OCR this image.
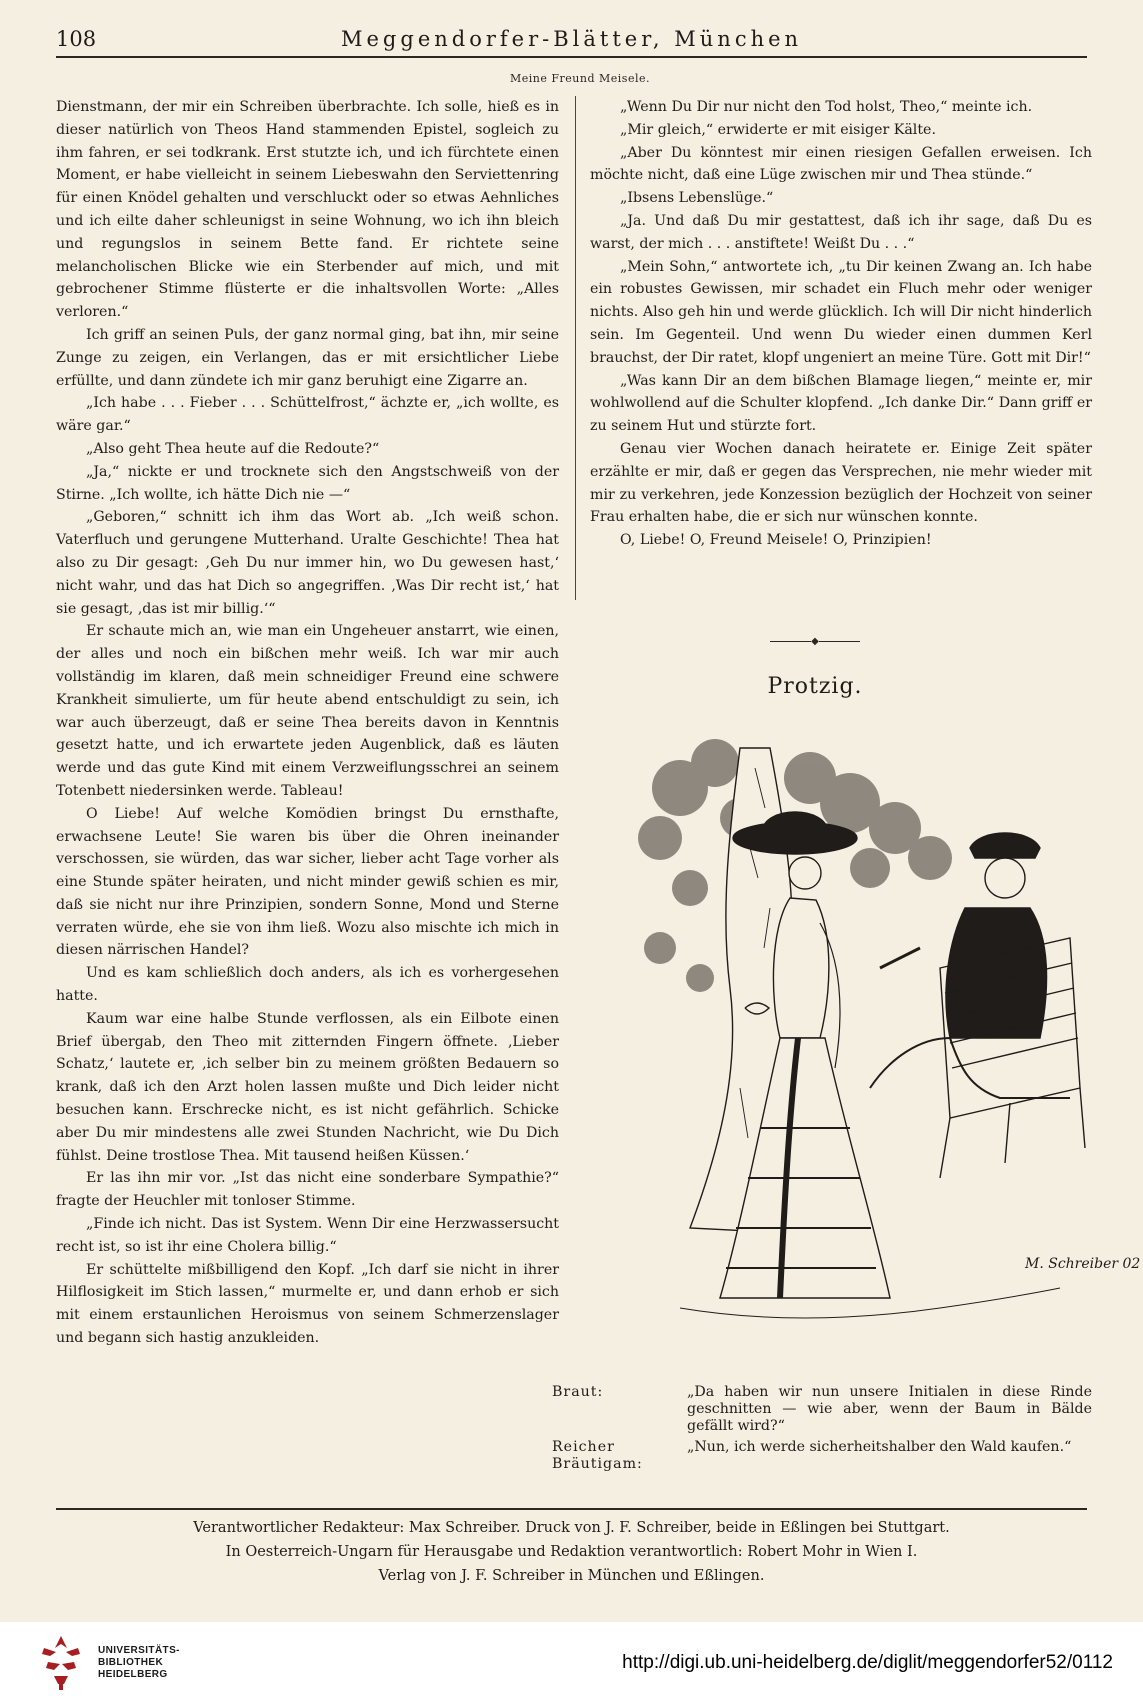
108	Meggendorfer-Blätter, München
Meine Freund Meisele.

Dienstmann, der mir ein Schreiben überbrachte. Ich solle, hieß es in dieser natürlich von Theos Hand stammenden Epistel, sogleich zu ihm fahren, er sei todkrank. Erst stutzte ich, und ich fürchtete einen Moment, er habe vielleicht in seinem Liebeswahn den Serviettenring für einen Knödel gehalten und verschluckt oder so etwas Aehnliches und ich eilte daher schleunigst in seine Wohnung, wo ich ihn bleich und regungslos in seinem Bette fand. Er richtete seine melancholischen Blicke wie ein Sterbender auf mich, und mit gebrochener Stimme flüsterte er die inhaltsvollen Worte: „Alles verloren.“

Ich griff an seinen Puls, der ganz normal ging, bat ihn, mir seine Zunge zu zeigen, ein Verlangen, das er mit ersichtlicher Liebe erfüllte, und dann zündete ich mir ganz beruhigt eine Zigarre an.

„Ich habe . . . Fieber . . . Schüttelfrost,“ ächzte er, „ich wollte, es wäre gar.“

„Also geht Thea heute auf die Redoute?“

„Ja,“ nickte er und trocknete sich den Angstschweiß von der Stirne. „Ich wollte, ich hätte Dich nie —“

„Geboren,“ schnitt ich ihm das Wort ab. „Ich weiß schon. Vaterfluch und gerungene Mutterhand. Uralte Geschichte! Thea hat also zu Dir gesagt: ‚Geh Du nur immer hin, wo Du gewesen hast,‘ nicht wahr, und das hat Dich so angegriffen. ‚Was Dir recht ist,‘ hat sie gesagt, ‚das ist mir billig.‘“

Er schaute mich an, wie man ein Ungeheuer anstarrt, wie einen, der alles und noch ein bißchen mehr weiß. Ich war mir auch vollständig im klaren, daß mein schneidiger Freund eine schwere Krankheit simulierte, um für heute abend entschuldigt zu sein, ich war auch überzeugt, daß er seine Thea bereits davon in Kenntnis gesetzt hatte, und ich erwartete jeden Augenblick, daß es läuten werde und das gute Kind mit einem Verzweiflungsschrei an seinem Totenbett niedersinken werde. Tableau!

O Liebe! Auf welche Komödien bringst Du ernsthafte, erwachsene Leute! Sie waren bis über die Ohren ineinander verschossen, sie würden, das war sicher, lieber acht Tage vorher als eine Stunde später heiraten, und nicht minder gewiß schien es mir, daß sie nicht nur ihre Prinzipien, sondern Sonne, Mond und Sterne verraten würde, ehe sie von ihm ließ. Wozu also mischte ich mich in diesen närrischen Handel?

Und es kam schließlich doch anders, als ich es vorhergesehen hatte.

Kaum war eine halbe Stunde verflossen, als ein Eilbote einen Brief übergab, den Theo mit zitternden Fingern öffnete. ‚Lieber Schatz,‘ lautete er, ‚ich selber bin zu meinem größten Bedauern so krank, daß ich den Arzt holen lassen mußte und Dich leider nicht besuchen kann. Erschrecke nicht, es ist nicht gefährlich. Schicke aber Du mir mindestens alle zwei Stunden Nachricht, wie Du Dich fühlst. Deine trostlose Thea. Mit tausend heißen Küssen.‘

Er las ihn mir vor. „Ist das nicht eine sonderbare Sympathie?“ fragte der Heuchler mit tonloser Stimme.

„Finde ich nicht. Das ist System. Wenn Dir eine Herzwassersucht recht ist, so ist ihr eine Cholera billig.“

Er schüttelte mißbilligend den Kopf. „Ich darf sie nicht in ihrer Hilflosigkeit im Stich lassen,“ murmelte er, und dann erhob er sich mit einem erstaunlichen Heroismus von seinem Schmerzenslager und begann sich hastig anzukleiden.

„Wenn Du Dir nur nicht den Tod holst, Theo,“ meinte ich.

„Mir gleich,“ erwiderte er mit eisiger Kälte.

„Aber Du könntest mir einen riesigen Gefallen erweisen. Ich möchte nicht, daß eine Lüge zwischen mir und Thea stünde.“

„Ibsens Lebenslüge.“

„Ja. Und daß Du mir gestattest, daß ich ihr sage, daß Du es warst, der mich . . . anstiftete! Weißt Du . . .“

„Mein Sohn,“ antwortete ich, „tu Dir keinen Zwang an. Ich habe ein robustes Gewissen, mir schadet ein Fluch mehr oder weniger nichts. Also geh hin und werde glücklich. Ich will Dir nicht hinderlich sein. Im Gegenteil. Und wenn Du wieder einen dummen Kerl brauchst, der Dir ratet, klopf ungeniert an meine Türe. Gott mit Dir!“

„Was kann Dir an dem bißchen Blamage liegen,“ meinte er, mir wohlwollend auf die Schulter klopfend. „Ich danke Dir.“ Dann griff er zu seinem Hut und stürzte fort.

Genau vier Wochen danach heiratete er. Einige Zeit später erzählte er mir, daß er gegen das Versprechen, nie mehr wieder mit mir zu verkehren, jede Konzession bezüglich der Hochzeit von seiner Frau erhalten habe, die er sich nur wünschen konnte.

O, Liebe! O, Freund Meisele! O, Prinzipien!

◆
Protzig.
M. Schreiber 02
Braut:	„Da haben wir nun unsere Initialen in diese Rinde geschnitten — wie aber, wenn der Baum in Bälde gefällt wird?“
Reicher Bräutigam:
„Nun, ich werde sicherheitshalber den Wald kaufen.“
Verantwortlicher Redakteur: Max Schreiber. Druck von J. F. Schreiber, beide in Eßlingen bei Stuttgart.
In Oesterreich-Ungarn für Herausgabe und Redaktion verantwortlich: Robert Mohr in Wien I.
Verlag von J. F. Schreiber in München und Eßlingen.
UNIVERSITÄTS-
BIBLIOTHEK
HEIDELBERG
http://digi.ub.uni-heidelberg.de/diglit/meggendorfer52/0112
